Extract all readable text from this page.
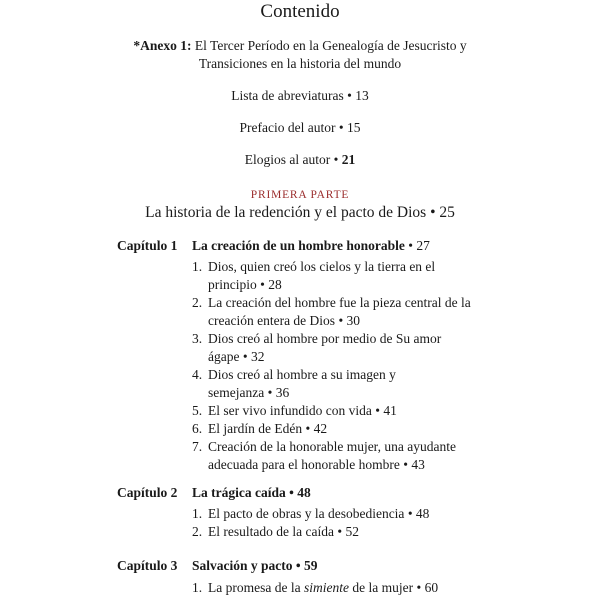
Contenido
*Anexo 1: El Tercer Período en la Genealogía de Jesucristo y
Transiciones en la historia del mundo
Lista de abreviaturas • 13
Prefacio del autor • 15
Elogios al autor • 21
PRIMERA PARTE
La historia de la redención y el pacto de Dios • 25
Capítulo 1 La creación de un hombre honorable • 27
1. Dios, quien creó los cielos y la tierra en el
principio • 28
2. La creación del hombre fue la pieza central de la
creación entera de Dios • 30
3. Dios creó al hombre por medio de Su amor
ágape • 32
4. Dios creó al hombre a su imagen y
semejanza • 36
5. El ser vivo infundido con vida • 41
6. El jardín de Edén • 42
7. Creación de la honorable mujer, una ayudante
adecuada para el honorable hombre • 43
Capítulo 2 La trágica caída • 48
1. El pacto de obras y la desobediencia • 48
2. El resultado de la caída • 52
Capítulo 3 Salvación y pacto • 59
1. La promesa de la simiente de la mujer • 60
